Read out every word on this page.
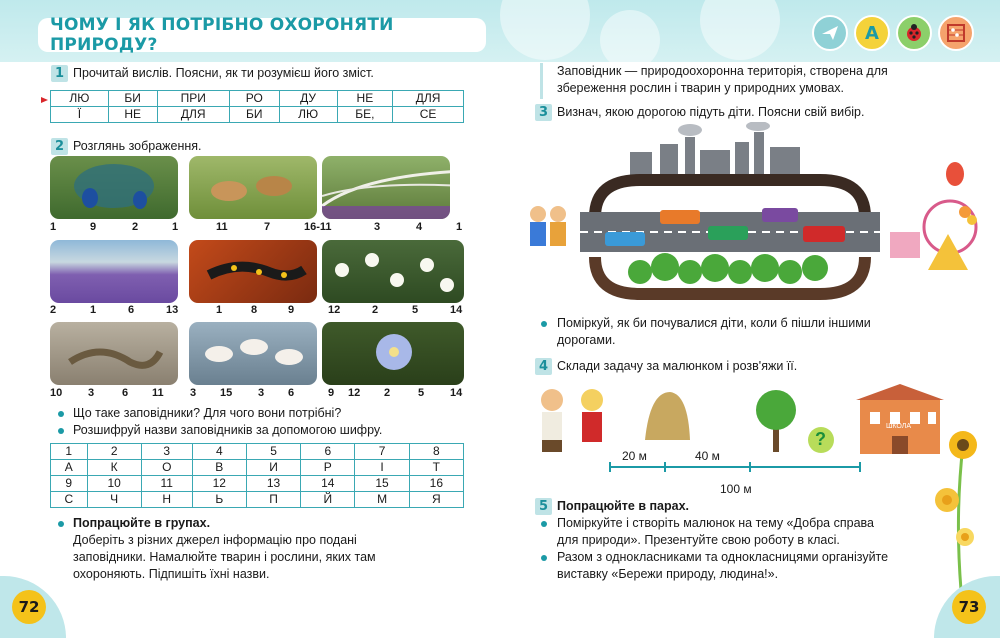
ЧОМУ І ЯК ПОТРІБНО ОХОРОНЯТИ ПРИРОДУ?
A
1 Прочитай вислів. Поясни, як ти розумієш його зміст.
ЛЮ	БИ	ПРИ	РО	ДУ	НЕ	ДЛЯ
Ї	НЕ	ДЛЯ	БИ	ЛЮ	БЕ,	СЕ
2 Розглянь зображення.
1	9	2	1	11	7	16-11	3	4	1
2	1	6	13	1	8	9	12	2	5	14
10 3	6 11 3 15 3 6	9 12 2	5 14
Що таке заповідники? Для чого вони потрібні?
Розшифруй назви заповідників за допомогою шифру.
1	2	3	4	5	6	7	8
А	К	О	В	И	Р	І	Т
9	10	11	12	13	14	15	16
С	Ч	Н	Ь	П	Й	М	Я
Попрацюйте в групах.
Доберіть з різних джерел інформацію про подані
заповідники. Намалюйте тварин і рослини, яких там
охороняють. Підпишіть їхні назви.
72
Заповідник — природоохоронна територія, створена для
збереження рослин і тварин у природних умовах.
3 Визнач, якою дорогою підуть діти. Поясни свій вибір.
Поміркуй, як би почувалися діти, коли б пішли іншими
дорогами.
4 Склади задачу за малюнком і розв'яжи її.
20 м	40 м
100 м
?
ШКОЛА
5 Попрацюйте в парах.
Поміркуйте і створіть малюнок на тему «Добра справа
для природи». Презентуйте свою роботу в класі.
Разом з однокласниками та однокласницями організуйте
виставку «Бережи природу, людина!».
73
